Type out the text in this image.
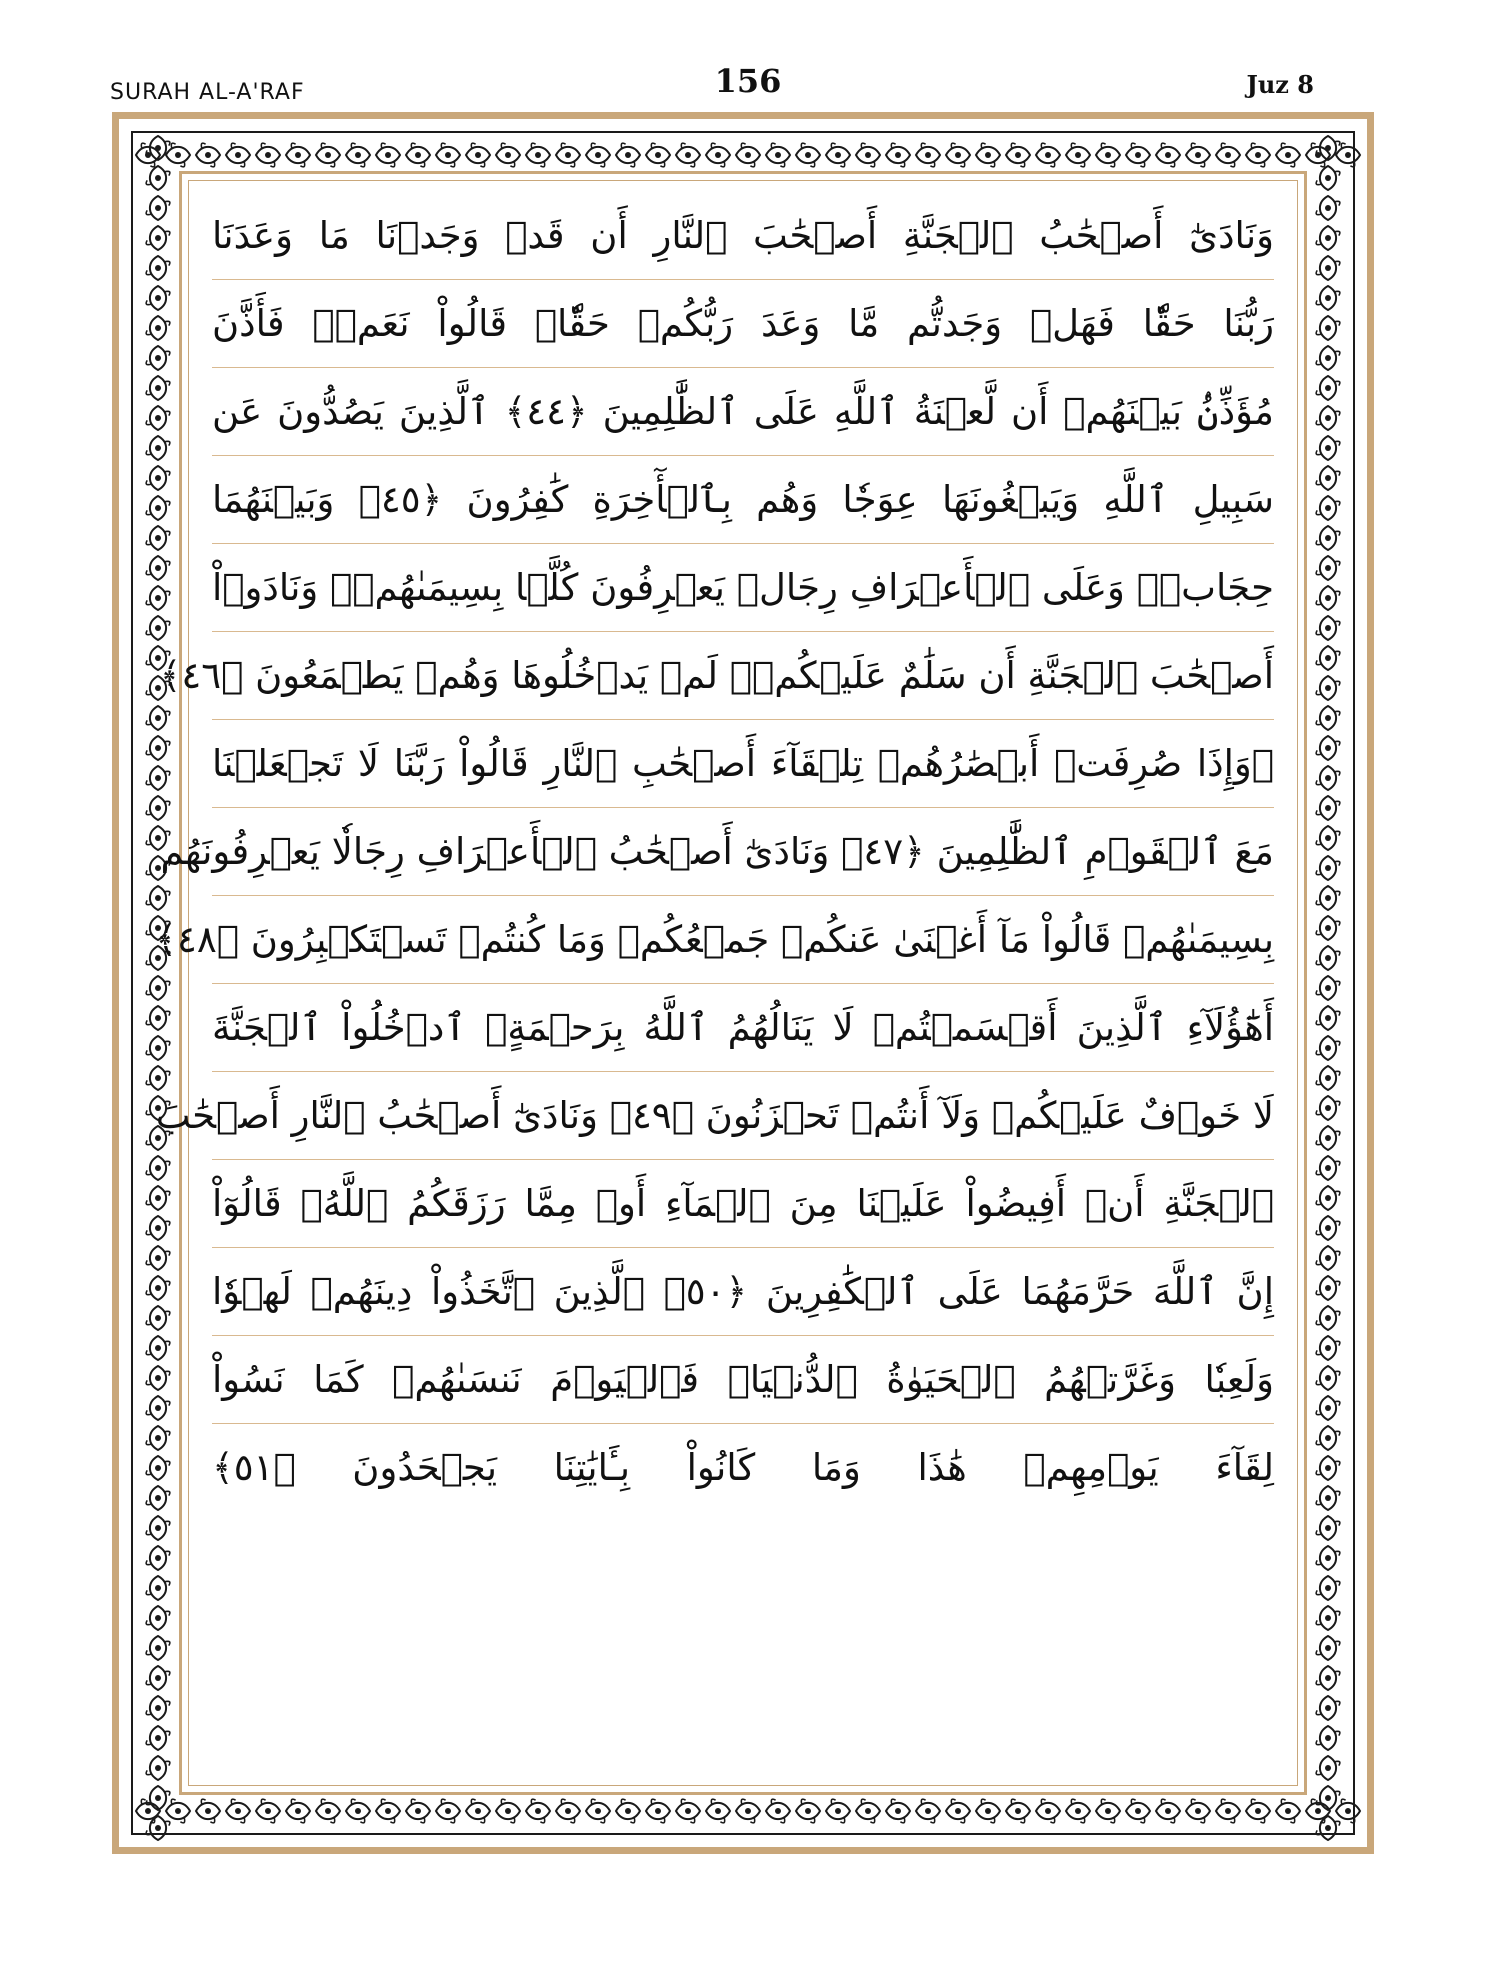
SURAH AL-A'RAF	156	Juz 8
وَنَادَىٰٓ أَصۡحَٰبُ ٱلۡجَنَّةِ أَصۡحَٰبَ ٱلنَّارِ أَن قَدۡ وَجَدۡنَا مَا وَعَدَنَا
رَبُّنَا حَقّٗا فَهَلۡ وَجَدتُّم مَّا وَعَدَ رَبُّكُمۡ حَقّٗاۖ قَالُواْ نَعَمۡۚ فَأَذَّنَ
مُؤَذِّنُۢ بَيۡنَهُمۡ أَن لَّعۡنَةُ ٱللَّهِ عَلَى ٱلظَّٰلِمِينَ ﴿٤٤﴾ ٱلَّذِينَ يَصُدُّونَ عَن
سَبِيلِ ٱللَّهِ وَيَبۡغُونَهَا عِوَجٗا وَهُم بِٱلۡأٓخِرَةِ كَٰفِرُونَ ﴿٤٥﴾ وَبَيۡنَهُمَا
حِجَابٞۚ وَعَلَى ٱلۡأَعۡرَافِ رِجَالٞ يَعۡرِفُونَ كُلَّۢا بِسِيمَىٰهُمۡۚ وَنَادَوۡاْ
أَصۡحَٰبَ ٱلۡجَنَّةِ أَن سَلَٰمٌ عَلَيۡكُمۡۚ لَمۡ يَدۡخُلُوهَا وَهُمۡ يَطۡمَعُونَ ﴿٤٦﴾
۞وَإِذَا صُرِفَتۡ أَبۡصَٰرُهُمۡ تِلۡقَآءَ أَصۡحَٰبِ ٱلنَّارِ قَالُواْ رَبَّنَا لَا تَجۡعَلۡنَا
مَعَ ٱلۡقَوۡمِ ٱلظَّٰلِمِينَ ﴿٤٧﴾ وَنَادَىٰٓ أَصۡحَٰبُ ٱلۡأَعۡرَافِ رِجَالٗا يَعۡرِفُونَهُم
بِسِيمَىٰهُمۡ قَالُواْ مَآ أَغۡنَىٰ عَنكُمۡ جَمۡعُكُمۡ وَمَا كُنتُمۡ تَسۡتَكۡبِرُونَ ﴿٤٨﴾
أَهَٰٓؤُلَآءِ ٱلَّذِينَ أَقۡسَمۡتُمۡ لَا يَنَالُهُمُ ٱللَّهُ بِرَحۡمَةٍۚ ٱدۡخُلُواْ ٱلۡجَنَّةَ
لَا خَوۡفٌ عَلَيۡكُمۡ وَلَآ أَنتُمۡ تَحۡزَنُونَ ﴿٤٩﴾ وَنَادَىٰٓ أَصۡحَٰبُ ٱلنَّارِ أَصۡحَٰبَ
ٱلۡجَنَّةِ أَنۡ أَفِيضُواْ عَلَيۡنَا مِنَ ٱلۡمَآءِ أَوۡ مِمَّا رَزَقَكُمُ ٱللَّهُۚ قَالُوٓاْ
إِنَّ ٱللَّهَ حَرَّمَهُمَا عَلَى ٱلۡكَٰفِرِينَ ﴿٥٠﴾ ٱلَّذِينَ ٱتَّخَذُواْ دِينَهُمۡ لَهۡوٗا
وَلَعِبٗا وَغَرَّتۡهُمُ ٱلۡحَيَوٰةُ ٱلدُّنۡيَاۚ فَٱلۡيَوۡمَ نَنسَىٰهُمۡ كَمَا نَسُواْ
لِقَآءَ يَوۡمِهِمۡ هَٰذَا وَمَا كَانُواْ بِـَٔايَٰتِنَا يَجۡحَدُونَ ﴿٥١﴾
